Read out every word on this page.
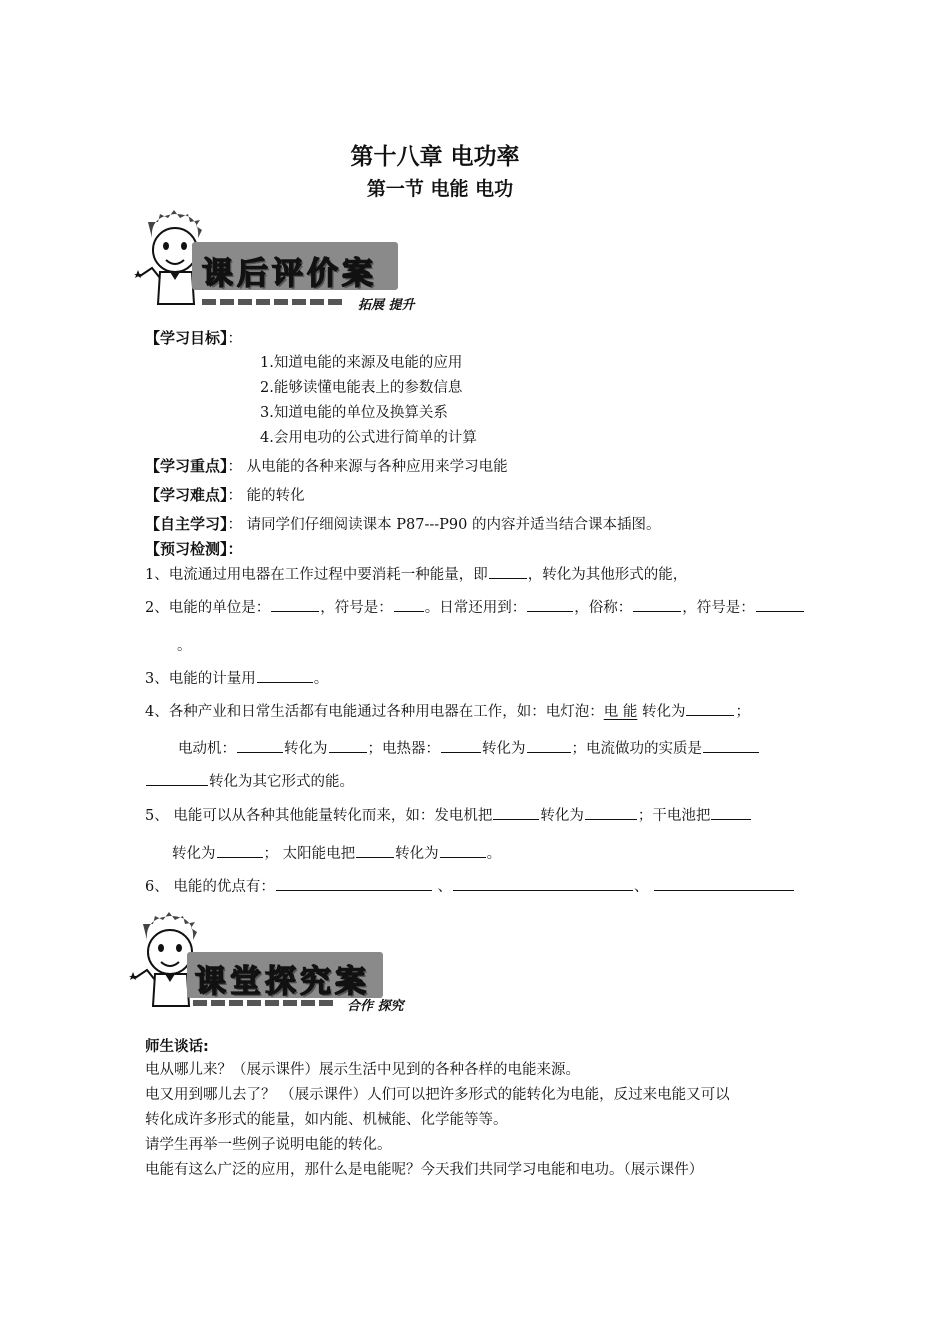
第十八章 电功率
第一节 电能 电功
课后评价案
拓展 提升
【学习目标】：
1.知道电能的来源及电能的应用
2.能够读懂电能表上的参数信息
3.知道电能的单位及换算关系
4.会用电功的公式进行简单的计算
【学习重点】： 从电能的各种来源与各种应用来学习电能
【学习难点】： 能的转化
【自主学习】： 请同学们仔细阅读课本 P87---P90 的内容并适当结合课本插图。
【预习检测】：
1、电流通过用电器在工作过程中要消耗一种能量，即	，转化为其他形式的能，
2、电能的单位是：	，符号是： 。日常还用到：	，俗称：	，符号是：
。
3、电能的计量用	。
4、各种产业和日常生活都有电能通过各种用电器在工作，如：电灯泡：电 能 转化为	；
电动机：	转化为	；电热器：	转化为	；电流做功的实质是
转化为其它形式的能。
5、 电能可以从各种其他能量转化而来，如：发电机把	转化为	；干电池把
转化为	； 太阳能电把	转化为	。
6、 电能的优点有：	、	、
课堂探究案
合作 探究
师生谈话:
电从哪儿来？（展示课件）展示生活中见到的各种各样的电能来源。
电又用到哪儿去了？ （展示课件）人们可以把许多形式的能转化为电能，反过来电能又可以
转化成许多形式的能量，如内能、机械能、化学能等等。
请学生再举一些例子说明电能的转化。
电能有这么广泛的应用，那什么是电能呢？今天我们共同学习电能和电功。（展示课件）
